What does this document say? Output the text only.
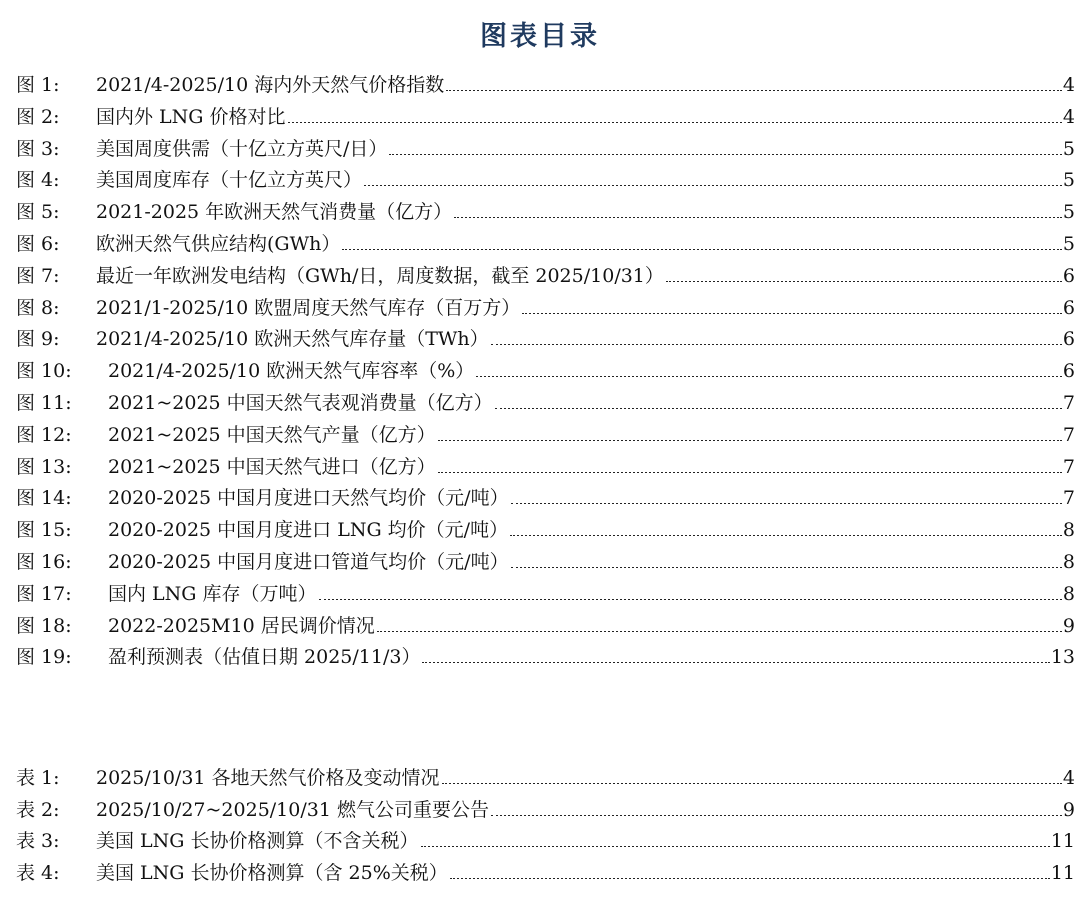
图表目录
图 1:	2021/4-2025/10 海内外天然气价格指数	4
图 2:	国内外 LNG 价格对比	4
图 3:	美国周度供需（十亿立方英尺/日）	5
图 4:	美国周度库存（十亿立方英尺）	5
图 5:	2021-2025 年欧洲天然气消费量（亿方）	5
图 6:	欧洲天然气供应结构(GWh）	5
图 7:	最近一年欧洲发电结构（GWh/日，周度数据，截至 2025/10/31）	6
图 8:	2021/1-2025/10 欧盟周度天然气库存（百万方）	6
图 9:	2021/4-2025/10 欧洲天然气库存量（TWh）	6
图 10:	2021/4-2025/10 欧洲天然气库容率（%）	6
图 11:	2021~2025 中国天然气表观消费量（亿方）	7
图 12:	2021~2025 中国天然气产量（亿方）	7
图 13:	2021~2025 中国天然气进口（亿方）	7
图 14:	2020-2025 中国月度进口天然气均价（元/吨）	7
图 15:	2020-2025 中国月度进口 LNG 均价（元/吨）	8
图 16:	2020-2025 中国月度进口管道气均价（元/吨）	8
图 17:	国内 LNG 库存（万吨）	8
图 18:	2022-2025M10 居民调价情况	9
图 19:	盈利预测表（估值日期 2025/11/3）	13
表 1:	2025/10/31 各地天然气价格及变动情况	4
表 2:	2025/10/27~2025/10/31 燃气公司重要公告	9
表 3:	美国 LNG 长协价格测算（不含关税）	11
表 4:	美国 LNG 长协价格测算（含 25%关税）	11
